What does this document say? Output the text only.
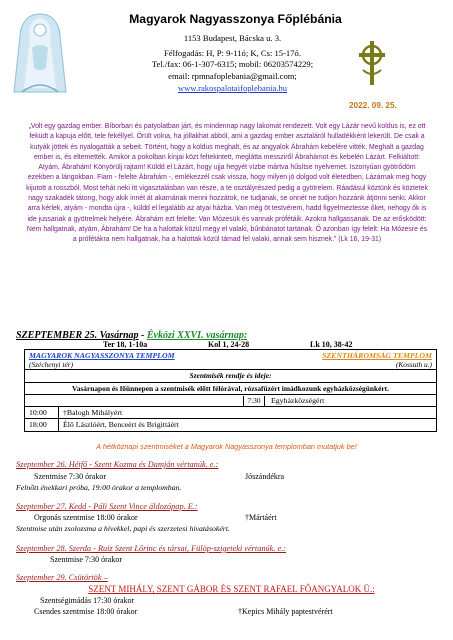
Magyarok Nagyasszonya Főplébánia
1153 Budapest, Bácska u. 3.
Félfogadás: H, P: 9-11ó; K, Cs: 15-17ó.
Tel./fax: 06-1-307-6315; mobil: 06203574229;
email: rpmnafoplebania@gmail.com;
www.rakospalotaifoplebania.hu
2022. 09. 25.
„Volt egy gazdag ember. Bíborban és patyolatban járt, és mindennap nagy lakomát rendezett. Volt egy Lázár nevű koldus is, ez ott feküdt a kapuja előtt, tele fekéllyel. Örült volna, ha jóllakhat abból, ami a gazdag ember asztaláról hulladékként lekerült. De csak a kutyák jöttek és nyalogatták a sebeit. Történt, hogy a koldus meghalt, és az angyalok Ábrahám kebelére vitték. Meghalt a gazdag ember is, és eltemették. Amikor a pokolban kínjai közt feltekintett, meglátta messziről Ábrahámot és kebelén Lázárt. Felkiáltott: Atyám, Ábrahám! Könyörülj rajtam! Küldd el Lázárt, hogy ujja hegyét vízbe mártva hűsítse nyelvemet. Iszonyúan gyötrődöm ezekben a lángokban. Fiam - felelte Ábrahám -, emlékezzél csak vissza, hogy milyen jó dolgod volt életedben, Lázárnak meg hogy kijutott a rosszból. Most tehát neki itt vigasztalásban van része, a te osztályrészed pedig a gyötrelem. Ráadásul köztünk és köztetek nagy szakadék tátong, hogy akik innét át akarnának menni hozzátok, ne tudjanak, se onnét ne tudjon hozzánk átjönni senki. Akkor arra kérlek, atyám - mondta újra -, küldd el legalább az atyai házba. Van még öt testvérem, hadd figyelmeztesse őket, nehogy ők is ide jussanak a gyötrelmek helyére. Ábrahám ezt felelte: Van Mózesük és vannak prófétáik. Azokra hallgassanak. De az erősködött: Nem hallgatnak, atyám, Ábrahám! De ha a halottak közül megy el valaki, bűnbánatot tartanak. Ő azonban így felelt: Ha Mózesre és a prófétákra nem hallgatnak, ha a halottak közül támad fel valaki, annak sem hisznek.” (Lk 16, 19-31)
SZEPTEMBER 25. Vasárnap - Évközi XXVI. vasárnap:
Ter 18, 1-10a	Kol 1, 24-28	Lk 10, 38-42
MAGYAROK NAGYASSZONYA TEMPLOM
(Széchenyi tér)
SZENTHÁROMSÁG TEMPLOM
(Kossuth u.)
Szentmisék rendje és ideje:
Vasárnapon és főünnepen a szentmisék előtt félórával, rózsafüzért imádkozunk egyházközségünkért.
7:30	Egyházközségért
10:00 †Balogh Mihályért
18:00 Élő Lászlóért, Benceért és Brigittáért
A hétköznapi szentmiséket a Magyarok Nagyasszonya templomban mutatjuk be!
Szeptember 26. Hétfő - Szent Kozma és Damján vértanúk. e.:
Szentmise 7:30 órakor	Jószándékra
Felnőtt énekkari próba, 19:00 órakor a templomban.
Szeptember 27. Kedd - Páli Szent Vince áldozópap. E.:
Orgonás szentmise 18:00 órakor	†Mártáért
Szentmise után zsolozsma a hívekkel, papi és szerzetesi hivatásokért.
Szeptember 28. Szerda - Ruiz Szent Lőrinc és társai, Fülöp-szigeteki vértanúk. e.:
Szentmise 7:30 órakor
Szeptember 29. Csütörtök –
SZENT MIHÁLY, SZENT GÁBOR ÉS SZENT RAFAEL FŐANGYALOK Ü.:
Szentségimádás 17:30 órakor
Csendes szentmise 18:00 órakor	†Kepics Mihály paptestvérért
